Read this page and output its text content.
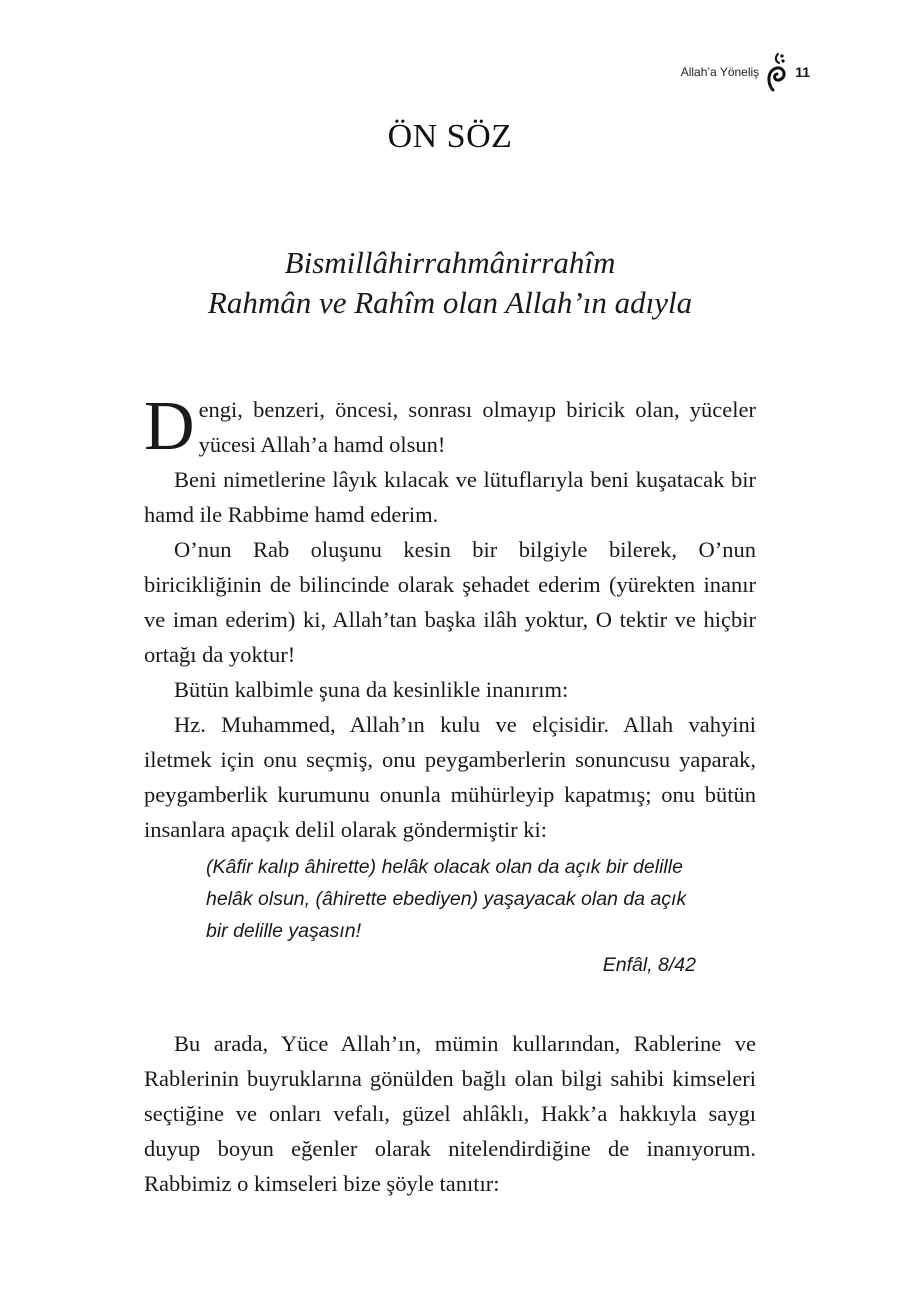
Allah’a Yöneliş	11
ÖN SÖZ
Bismillâhirrahmânirrahîm
Rahmân ve Rahîm olan Allah’ın adıyla

Dengi, benzeri, öncesi, sonrası olmayıp biricik olan, yüceler yücesi Allah’a hamd olsun!

Beni nimetlerine lâyık kılacak ve lütuflarıyla beni kuşatacak bir hamd ile Rabbime hamd ederim.

O’nun Rab oluşunu kesin bir bilgiyle bilerek, O’nun biricikliğinin de bilincinde olarak şehadet ederim (yürekten inanır ve iman ederim) ki, Allah’tan başka ilâh yoktur, O tektir ve hiçbir ortağı da yoktur!

Bütün kalbimle şuna da kesinlikle inanırım:

Hz. Muhammed, Allah’ın kulu ve elçisidir. Allah vahyini iletmek için onu seçmiş, onu peygamberlerin sonuncusu yaparak, peygamberlik kurumunu onunla mühürleyip kapatmış; onu bütün insanlara apaçık delil olarak göndermiştir ki:

(Kâfir kalıp âhirette) helâk olacak olan da açık bir delille helâk olsun, (âhirette ebediyen) yaşayacak olan da açık bir delille yaşasın!
Enfâl, 8/42

Bu arada, Yüce Allah’ın, mümin kullarından, Rablerine ve Rablerinin buyruklarına gönülden bağlı olan bilgi sahibi kimseleri seçtiğine ve onları vefalı, güzel ahlâklı, Hakk’a hakkıyla saygı duyup boyun eğenler olarak nitelendirdiğine de inanıyorum. Rabbimiz o kimseleri bize şöyle tanıtır:
